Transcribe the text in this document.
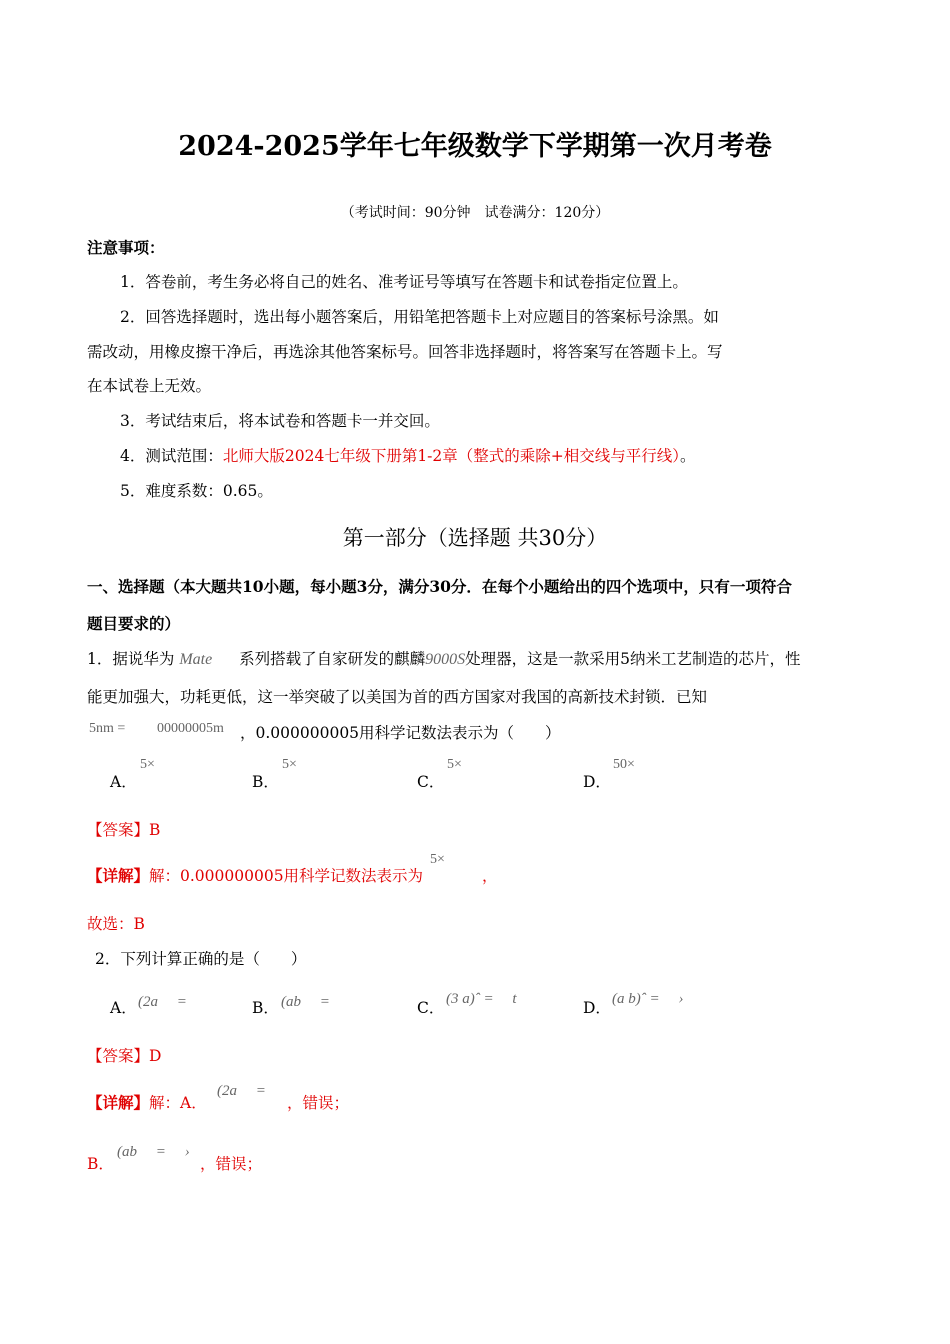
2024-2025学年七年级数学下学期第一次月考卷
（考试时间：90分钟　试卷满分：120分）
注意事项：
1．答卷前，考生务必将自己的姓名、准考证号等填写在答题卡和试卷指定位置上。
2．回答选择题时，选出每小题答案后，用铅笔把答题卡上对应题目的答案标号涂黑。如
需改动，用橡皮擦干净后，再选涂其他答案标号。回答非选择题时，将答案写在答题卡上。写
在本试卷上无效。
3．考试结束后，将本试卷和答题卡一并交回。
4．测试范围：北师大版2024七年级下册第1-2章（整式的乘除+相交线与平行线）。
5．难度系数：0.65。
第一部分（选择题 共30分）
一、选择题（本大题共10小题，每小题3分，满分30分．在每个小题给出的四个选项中，只有一项符合
题目要求的）
1．据说华为 Mate 系列搭载了自家研发的麒麟9000S处理器，这是一款采用5纳米工艺制造的芯片，性
能更加强大，功耗更低，这一举突破了以美国为首的西方国家对我国的高新技术封锁．已知
5nm = 00000005m ，0.000000005用科学记数法表示为（　　）
A．
5×
B．
5×
C．
5×
D．
50×
【答案】B
【详解】解：0.000000005用科学记数法表示为
5×
，
故选：B
2．下列计算正确的是（　　）
A． (2a　 =	B． (ab　 =	C． (3 a)ˆ =　 t	D． (a b)ˆ =　 ›
【答案】D
【详解】解：A．
(2a　 =
，错误；
B．
(ab　 =　 ›
，错误；
